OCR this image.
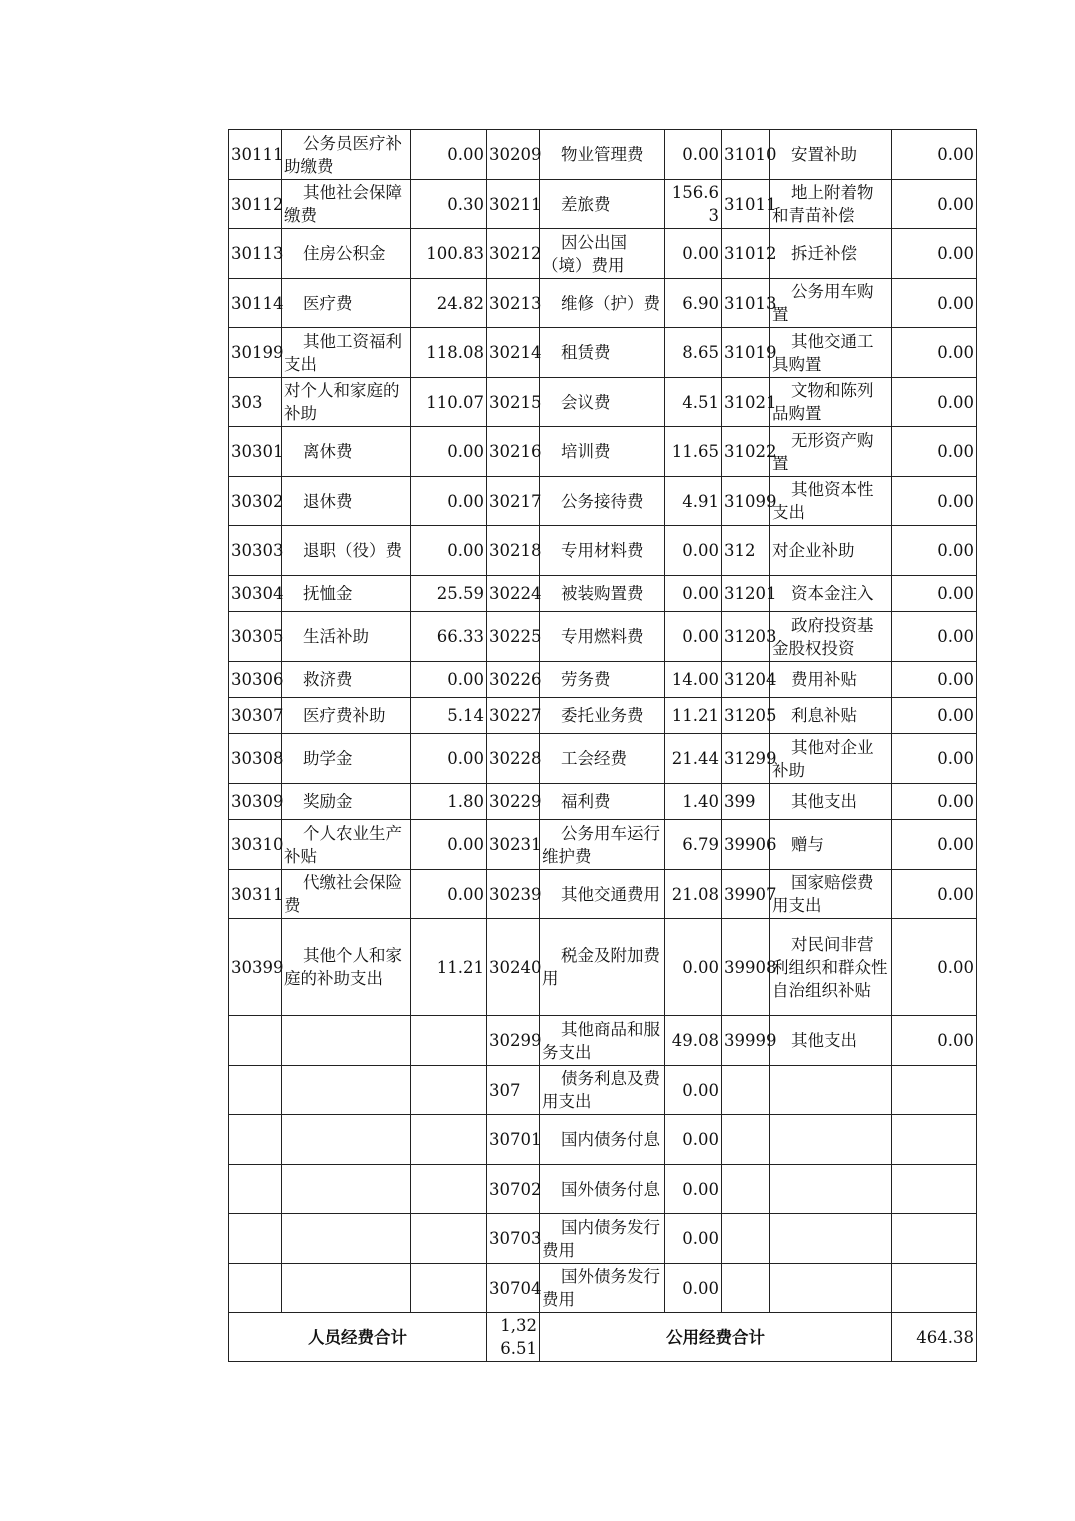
30111	公务员医疗补助缴费	0.00	30209	物业管理费	0.00	31010	安置补助	0.00
30112	其他社会保障缴费	0.30	30211	差旅费	156.63	31011	地上附着物和青苗补偿	0.00
30113	住房公积金	100.83	30212	因公出国（境）费用	0.00	31012	拆迁补偿	0.00
30114	医疗费	24.82	30213	维修（护）费	6.90	31013	公务用车购置	0.00
30199	其他工资福利支出	118.08	30214	租赁费	8.65	31019	其他交通工具购置	0.00
303	对个人和家庭的补助	110.07	30215	会议费	4.51	31021	文物和陈列品购置	0.00
30301	离休费	0.00	30216	培训费	11.65	31022	无形资产购置	0.00
30302	退休费	0.00	30217	公务接待费	4.91	31099	其他资本性支出	0.00
30303	退职（役）费	0.00	30218	专用材料费	0.00	312	对企业补助	0.00
30304	抚恤金	25.59	30224	被装购置费	0.00	31201	资本金注入	0.00
30305	生活补助	66.33	30225	专用燃料费	0.00	31203	政府投资基金股权投资	0.00
30306	救济费	0.00	30226	劳务费	14.00	31204	费用补贴	0.00
30307	医疗费补助	5.14	30227	委托业务费	11.21	31205	利息补贴	0.00
30308	助学金	0.00	30228	工会经费	21.44	31299	其他对企业补助	0.00
30309	奖励金	1.80	30229	福利费	1.40	399	其他支出	0.00
30310	个人农业生产补贴	0.00	30231	公务用车运行维护费	6.79	39906	赠与	0.00
30311	代缴社会保险费	0.00	30239	其他交通费用	21.08	39907	国家赔偿费用支出	0.00
30399	其他个人和家庭的补助支出	11.21	30240	税金及附加费用	0.00	39908	对民间非营利组织和群众性自治组织补贴	0.00
			30299	其他商品和服务支出	49.08	39999	其他支出	0.00
			307	债务利息及费用支出	0.00			
			30701	国内债务付息	0.00			
			30702	国外债务付息	0.00			
			30703	国内债务发行费用	0.00			
			30704	国外债务发行费用	0.00			
人员经费合计			1,326.51	公用经费合计				464.38
